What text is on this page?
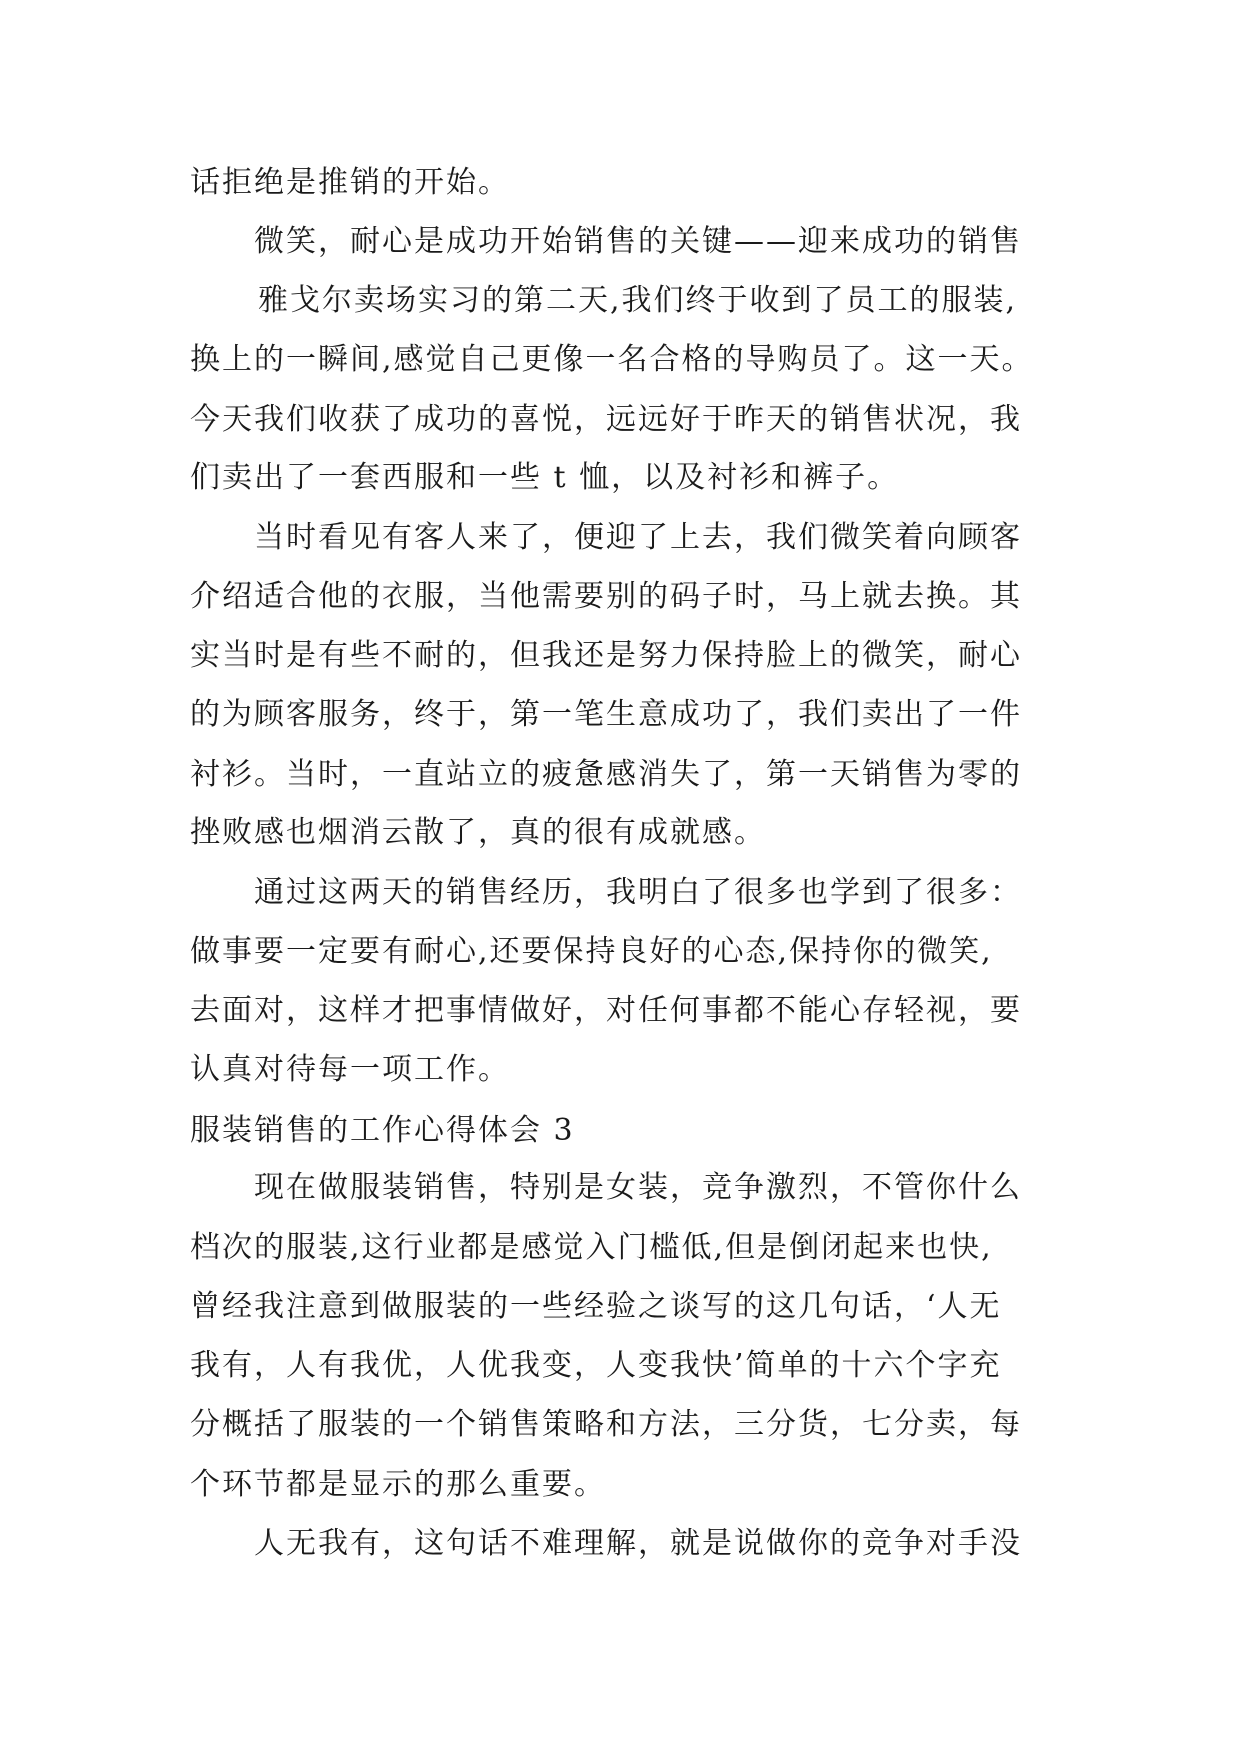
话拒绝是推销的开始。
微笑，耐心是成功开始销售的关键——迎来成功的销售
雅戈尔卖场实习的第二天,我们终于收到了员工的服装,
换上的一瞬间,感觉自己更像一名合格的导购员了。这一天。
今天我们收获了成功的喜悦，远远好于昨天的销售状况，我
们卖出了一套西服和一些 t 恤，以及衬衫和裤子。
当时看见有客人来了，便迎了上去，我们微笑着向顾客
介绍适合他的衣服，当他需要别的码子时，马上就去换。其
实当时是有些不耐的，但我还是努力保持脸上的微笑，耐心
的为顾客服务，终于，第一笔生意成功了，我们卖出了一件
衬衫。当时，一直站立的疲惫感消失了，第一天销售为零的
挫败感也烟消云散了，真的很有成就感。
通过这两天的销售经历，我明白了很多也学到了很多：
做事要一定要有耐心,还要保持良好的心态,保持你的微笑,
去面对，这样才把事情做好，对任何事都不能心存轻视，要
认真对待每一项工作。
服装销售的工作心得体会 3
现在做服装销售，特别是女装，竞争激烈，不管你什么
档次的服装,这行业都是感觉入门槛低,但是倒闭起来也快,
曾经我注意到做服装的一些经验之谈写的这几句话，‘人无
我有，人有我优，人优我变，人变我快’简单的十六个字充
分概括了服装的一个销售策略和方法，三分货，七分卖，每
个环节都是显示的那么重要。
人无我有，这句话不难理解，就是说做你的竞争对手没
